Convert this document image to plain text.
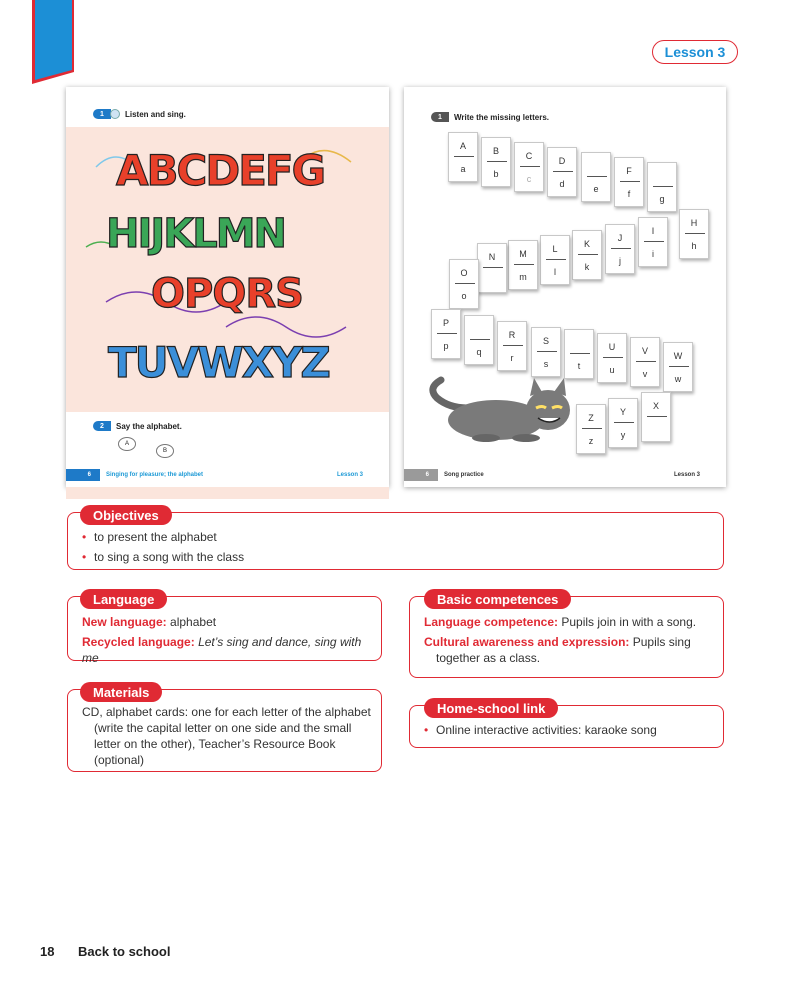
Lesson 3
1	Listen and sing.
ABCDEFG
HIJKLMN
OPQRS
TUVWXYZ
2	Say the alphabet.
A
B
6	Singing for pleasure; the alphabet	Lesson 3
1	Write the missing letters.
A
a
B
b
C
c
D
d	e
F
f	g
H
h
I
i
J
j
K
k
L
l
M
m
N
O
o
P
p
q
R
r
S
s	t
U
u
V
v
W
w
X
Y
y
Z
z
6	Song practice	Lesson 3
• to present the alphabet
• to sing a song with the class
Objectives
New language: alphabet
Recycled language: Let’s sing and dance, sing with me
Language
CD, alphabet cards: one for each letter of the alphabet (write the capital letter on one side and the small letter on the other), Teacher’s Resource Book (optional)
Materials
Language competence: Pupils join in with a song.
Cultural awareness and expression: Pupils sing together as a class.
Basic competences
• Online interactive activities: karaoke song
Home-school link
18 Back to school
